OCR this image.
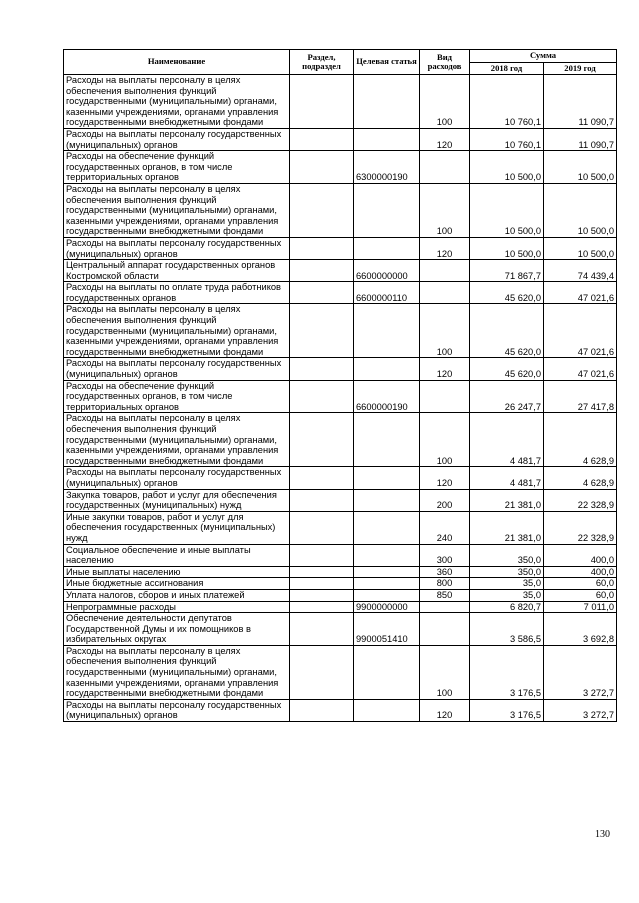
Наименование	Раздел, подраздел	Целевая статья	Вид расходов	Сумма	
				2018 год	2019 год
Расходы на выплаты персоналу в целях обеспечения выполнения функций государственными (муниципальными) органами, казенными учреждениями, органами управления государственными внебюджетными фондами			100	10 760,1	11 090,7
Расходы на выплаты персоналу государственных (муниципальных) органов			120	10 760,1	11 090,7
Расходы на обеспечение функций государственных органов, в том числе территориальных органов		6300000190		10 500,0	10 500,0
Расходы на выплаты персоналу в целях обеспечения выполнения функций государственными (муниципальными) органами, казенными учреждениями, органами управления государственными внебюджетными фондами			100	10 500,0	10 500,0
Расходы на выплаты персоналу государственных (муниципальных) органов			120	10 500,0	10 500,0
Центральный аппарат государственных органов Костромской области		6600000000		71 867,7	74 439,4
Расходы на выплаты по оплате труда работников государственных органов		6600000110		45 620,0	47 021,6
Расходы на выплаты персоналу в целях обеспечения выполнения функций государственными (муниципальными) органами, казенными учреждениями, органами управления государственными внебюджетными фондами			100	45 620,0	47 021,6
Расходы на выплаты персоналу государственных (муниципальных) органов			120	45 620,0	47 021,6
Расходы на обеспечение функций государственных органов, в том числе территориальных органов		6600000190		26 247,7	27 417,8
Расходы на выплаты персоналу в целях обеспечения выполнения функций государственными (муниципальными) органами, казенными учреждениями, органами управления государственными внебюджетными фондами			100	4 481,7	4 628,9
Расходы на выплаты персоналу государственных (муниципальных) органов			120	4 481,7	4 628,9
Закупка товаров, работ и услуг для обеспечения государственных (муниципальных) нужд			200	21 381,0	22 328,9
Иные закупки товаров, работ и услуг для обеспечения государственных (муниципальных) нужд			240	21 381,0	22 328,9
Социальное обеспечение и иные выплаты населению			300	350,0	400,0
Иные выплаты населению			360	350,0	400,0
Иные бюджетные ассигнования			800	35,0	60,0
Уплата налогов, сборов и иных платежей			850	35,0	60,0
Непрограммные расходы		9900000000		6 820,7	7 011,0
Обеспечение деятельности депутатов Государственной Думы и их помощников в избирательных округах		9900051410		3 586,5	3 692,8
Расходы на выплаты персоналу в целях обеспечения выполнения функций государственными (муниципальными) органами, казенными учреждениями, органами управления государственными внебюджетными фондами			100	3 176,5	3 272,7
Расходы на выплаты персоналу государственных (муниципальных) органов			120	3 176,5	3 272,7
130
